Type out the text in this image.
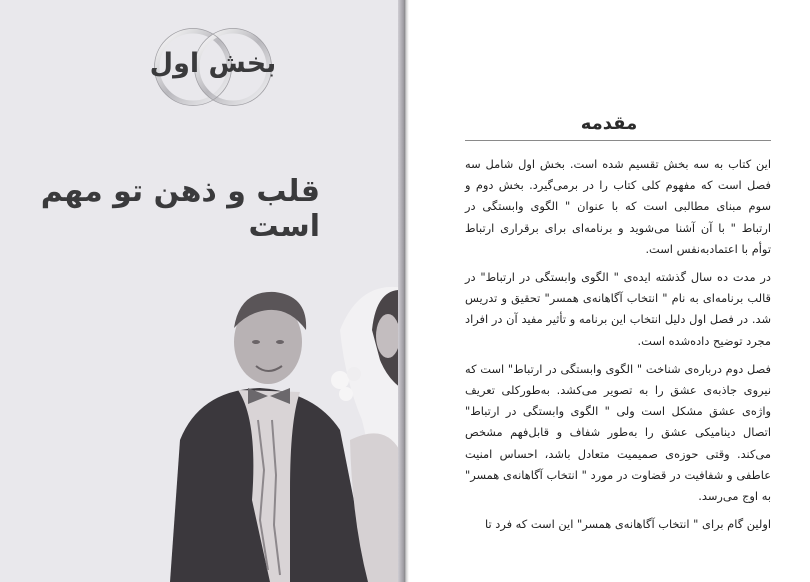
بخش اول
قلب و ذهن تو مهم است
مقدمه

این کتاب به سه بخش تقسیم شده است. بخش اول شامل سه فصل است که مفهوم کلی کتاب را در برمی‌گیرد. بخش دوم و سوم مبنای مطالبی است که با عنوان " الگوی وابستگی در ارتباط " با آن آشنا می‌شوید و برنامه‌ای برای برقراری ارتباط توأم با اعتمادبه‌نفس است.

در مدت ده سال گذشته ایده‌ی " الگوی وابستگی در ارتباط" در قالب برنامه‌ای به نام " انتخاب آگاهانه‌ی همسر" تحقیق و تدریس شد. در فصل اول دلیل انتخاب این برنامه و تأثیر مفید آن در افراد مجرد توضیح داده‌شده است.

فصل دوم درباره‌ی شناخت " الگوی وابستگی در ارتباط" است که نیروی جاذبه‌ی عشق را به تصویر می‌کشد. به‌طورکلی تعریف واژه‌ی عشق مشکل است ولی " الگوی وابستگی در ارتباط" اتصال دینامیکی عشق را به‌طور شفاف و قابل‌فهم مشخص می‌کند. وقتی حوزه‌ی صمیمیت متعادل باشد، احساس امنیت عاطفی و شفافیت در قضاوت در مورد " انتخاب آگاهانه‌ی همسر" به اوج می‌رسد.

اولین گام برای " انتخاب آگاهانه‌ی همسر" این است که فرد تا
